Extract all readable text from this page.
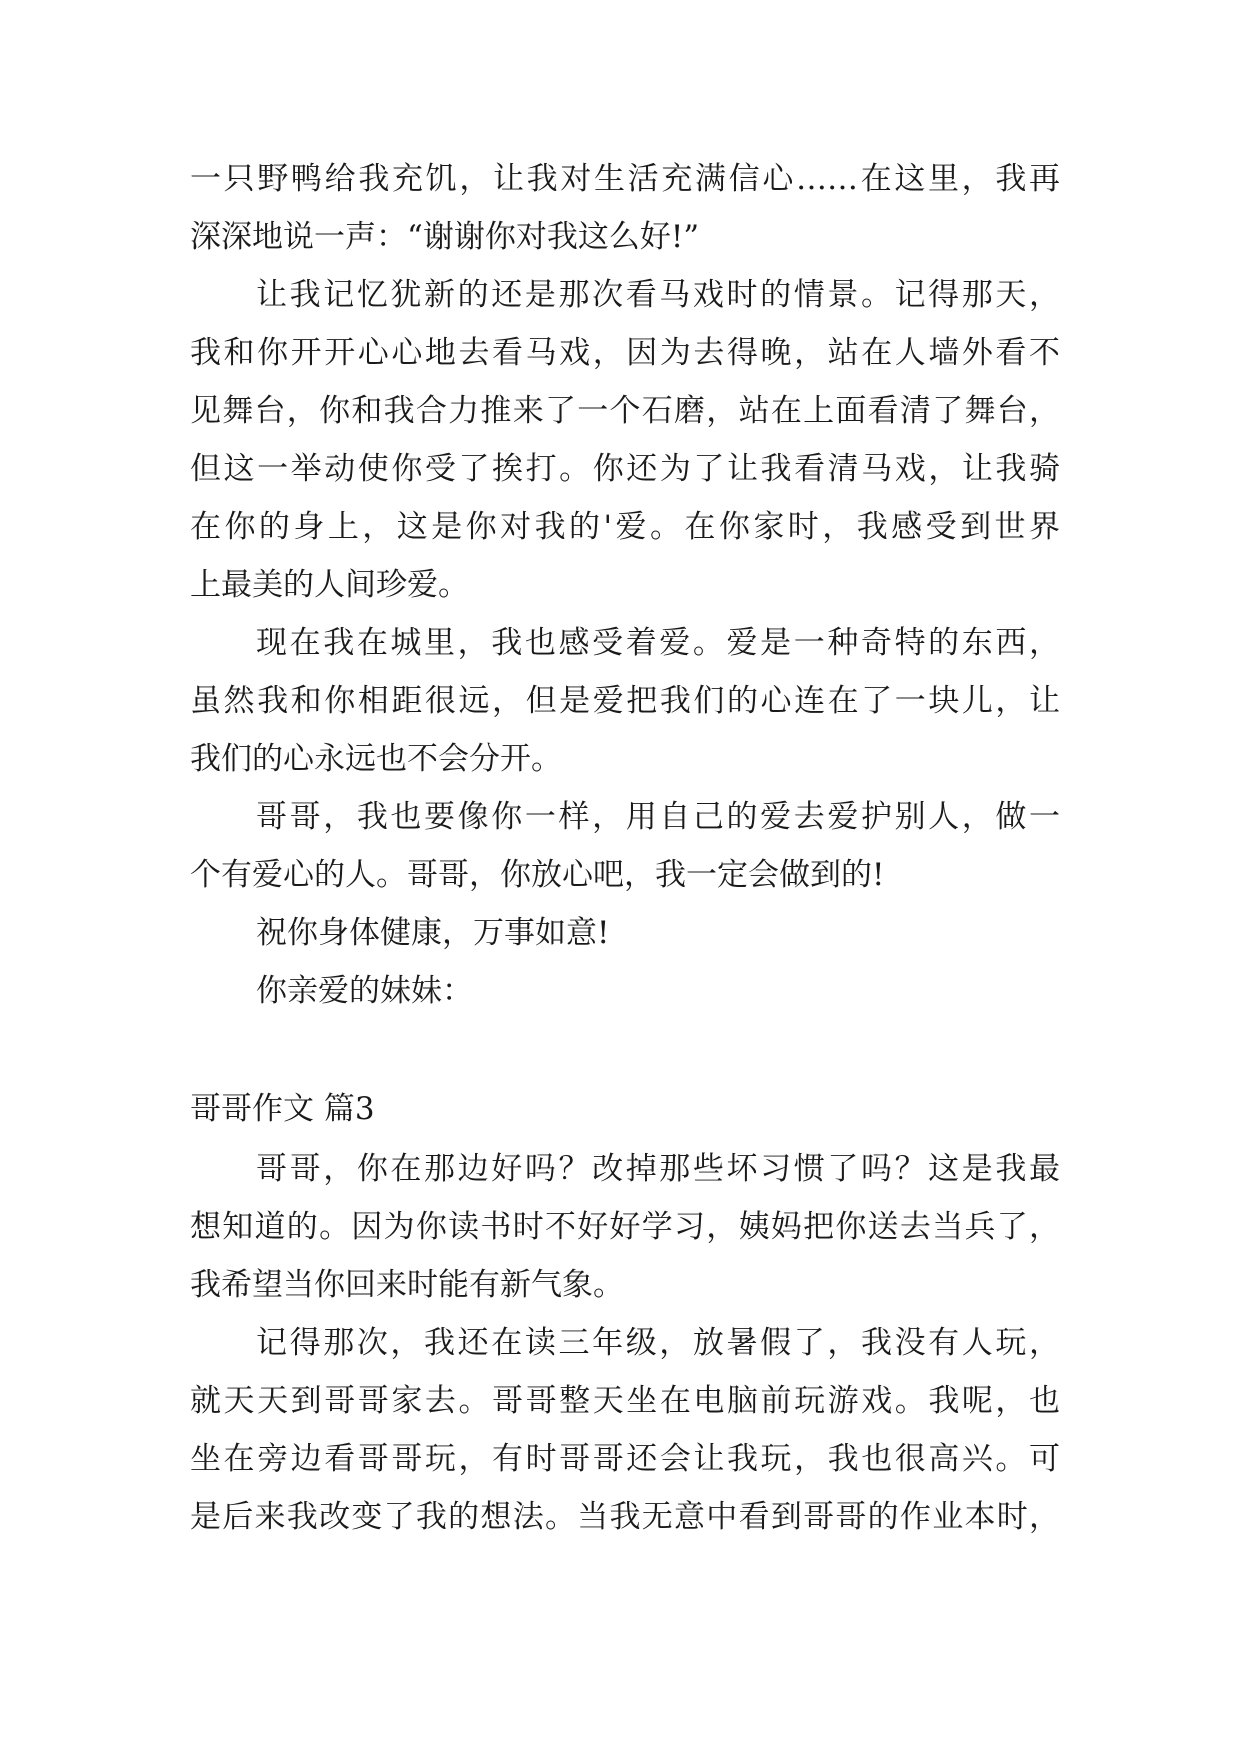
一只野鸭给我充饥，让我对生活充满信心……在这里，我再
深深地说一声：“谢谢你对我这么好!”
让我记忆犹新的还是那次看马戏时的情景。记得那天，
我和你开开心心地去看马戏，因为去得晚，站在人墙外看不
见舞台，你和我合力推来了一个石磨，站在上面看清了舞台，
但这一举动使你受了挨打。你还为了让我看清马戏，让我骑
在你的身上，这是你对我的'爱。在你家时，我感受到世界
上最美的人间珍爱。
现在我在城里，我也感受着爱。爱是一种奇特的东西，
虽然我和你相距很远，但是爱把我们的心连在了一块儿，让
我们的心永远也不会分开。
哥哥，我也要像你一样，用自己的爱去爱护别人，做一
个有爱心的人。哥哥，你放心吧，我一定会做到的!
祝你身体健康，万事如意!
你亲爱的妹妹：
哥哥作文 篇3
哥哥，你在那边好吗？改掉那些坏习惯了吗？这是我最
想知道的。因为你读书时不好好学习，姨妈把你送去当兵了，
我希望当你回来时能有新气象。
记得那次，我还在读三年级，放暑假了，我没有人玩，
就天天到哥哥家去。哥哥整天坐在电脑前玩游戏。我呢，也
坐在旁边看哥哥玩，有时哥哥还会让我玩，我也很高兴。可
是后来我改变了我的想法。当我无意中看到哥哥的作业本时，
